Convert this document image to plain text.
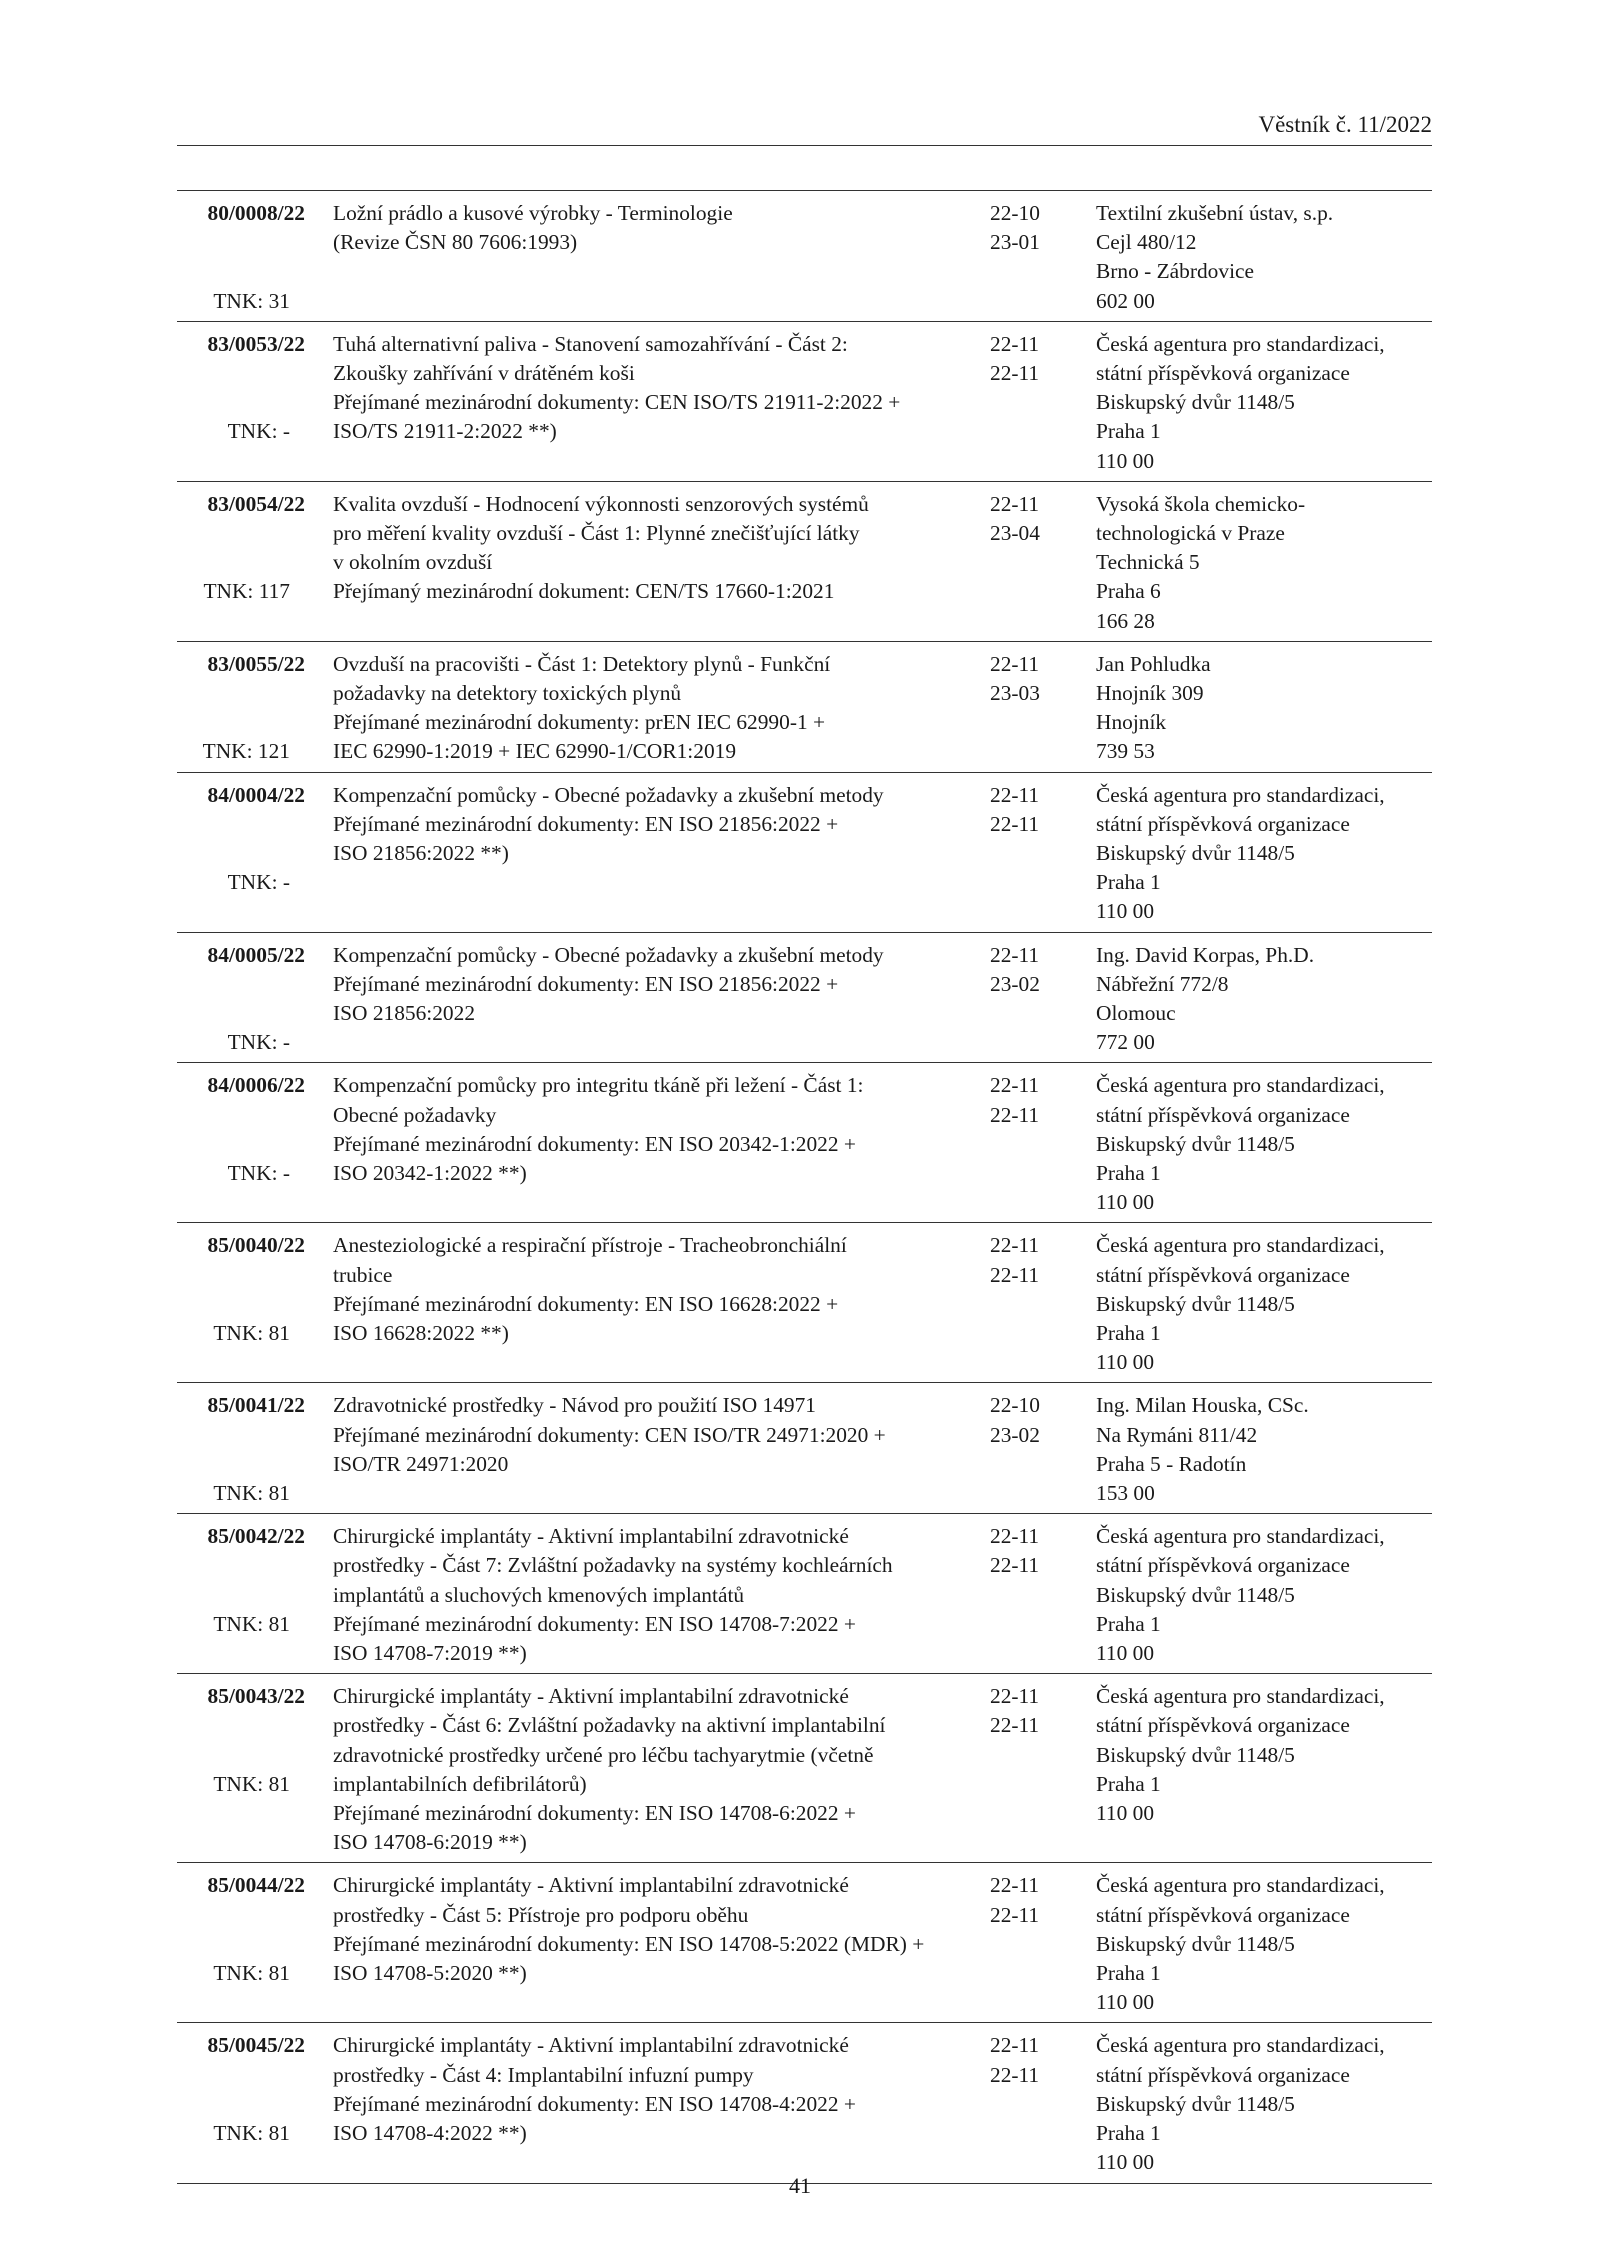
Věstník č. 11/2022
80/0008/22
TNK: 31
Ložní prádlo a kusové výrobky - Terminologie
(Revize ČSN 80 7606:1993)
22-10
23-01
Textilní zkušební ústav, s.p.
Cejl 480/12
Brno - Zábrdovice
602 00
83/0053/22
TNK: -
Tuhá alternativní paliva - Stanovení samozahřívání - Část 2:
Zkoušky zahřívání v drátěném koši
Přejímané mezinárodní dokumenty: CEN ISO/TS 21911-2:2022 +
ISO/TS 21911-2:2022 **)
22-11
22-11
Česká agentura pro standardizaci,
státní příspěvková organizace
Biskupský dvůr 1148/5
Praha 1
110 00
83/0054/22
TNK: 117
Kvalita ovzduší - Hodnocení výkonnosti senzorových systémů
pro měření kvality ovzduší - Část 1: Plynné znečišťující látky
v okolním ovzduší
Přejímaný mezinárodní dokument: CEN/TS 17660-1:2021
22-11
23-04
Vysoká škola chemicko-
technologická v Praze
Technická 5
Praha 6
166 28
83/0055/22
TNK: 121
Ovzduší na pracovišti - Část 1: Detektory plynů - Funkční
požadavky na detektory toxických plynů
Přejímané mezinárodní dokumenty: prEN IEC 62990-1 +
IEC 62990-1:2019 + IEC 62990-1/COR1:2019
22-11
23-03
Jan Pohludka
Hnojník 309
Hnojník
739 53
84/0004/22
TNK: -
Kompenzační pomůcky - Obecné požadavky a zkušební metody
Přejímané mezinárodní dokumenty: EN ISO 21856:2022 +
ISO 21856:2022 **)
22-11
22-11
Česká agentura pro standardizaci,
státní příspěvková organizace
Biskupský dvůr 1148/5
Praha 1
110 00
84/0005/22
TNK: -
Kompenzační pomůcky - Obecné požadavky a zkušební metody
Přejímané mezinárodní dokumenty: EN ISO 21856:2022 +
ISO 21856:2022
22-11
23-02
Ing. David Korpas, Ph.D.
Nábřežní 772/8
Olomouc
772 00
84/0006/22
TNK: -
Kompenzační pomůcky pro integritu tkáně při ležení - Část 1:
Obecné požadavky
Přejímané mezinárodní dokumenty: EN ISO 20342-1:2022 +
ISO 20342-1:2022 **)
22-11
22-11
Česká agentura pro standardizaci,
státní příspěvková organizace
Biskupský dvůr 1148/5
Praha 1
110 00
85/0040/22
TNK: 81
Anesteziologické a respirační přístroje - Tracheobronchiální
trubice
Přejímané mezinárodní dokumenty: EN ISO 16628:2022 +
ISO 16628:2022 **)
22-11
22-11
Česká agentura pro standardizaci,
státní příspěvková organizace
Biskupský dvůr 1148/5
Praha 1
110 00
85/0041/22
TNK: 81
Zdravotnické prostředky - Návod pro použití ISO 14971
Přejímané mezinárodní dokumenty: CEN ISO/TR 24971:2020 +
ISO/TR 24971:2020
22-10
23-02
Ing. Milan Houska, CSc.
Na Rymáni 811/42
Praha 5 - Radotín
153 00
85/0042/22
TNK: 81
Chirurgické implantáty - Aktivní implantabilní zdravotnické
prostředky - Část 7: Zvláštní požadavky na systémy kochleárních
implantátů a sluchových kmenových implantátů
Přejímané mezinárodní dokumenty: EN ISO 14708-7:2022 +
ISO 14708-7:2019 **)
22-11
22-11
Česká agentura pro standardizaci,
státní příspěvková organizace
Biskupský dvůr 1148/5
Praha 1
110 00
85/0043/22
TNK: 81
Chirurgické implantáty - Aktivní implantabilní zdravotnické
prostředky - Část 6: Zvláštní požadavky na aktivní implantabilní
zdravotnické prostředky určené pro léčbu tachyarytmie (včetně
implantabilních defibrilátorů)
Přejímané mezinárodní dokumenty: EN ISO 14708-6:2022 +
ISO 14708-6:2019 **)
22-11
22-11
Česká agentura pro standardizaci,
státní příspěvková organizace
Biskupský dvůr 1148/5
Praha 1
110 00
85/0044/22
TNK: 81
Chirurgické implantáty - Aktivní implantabilní zdravotnické
prostředky - Část 5: Přístroje pro podporu oběhu
Přejímané mezinárodní dokumenty: EN ISO 14708-5:2022 (MDR) +
ISO 14708-5:2020 **)
22-11
22-11
Česká agentura pro standardizaci,
státní příspěvková organizace
Biskupský dvůr 1148/5
Praha 1
110 00
85/0045/22
TNK: 81
Chirurgické implantáty - Aktivní implantabilní zdravotnické
prostředky - Část 4: Implantabilní infuzní pumpy
Přejímané mezinárodní dokumenty: EN ISO 14708-4:2022 +
ISO 14708-4:2022 **)
22-11
22-11
Česká agentura pro standardizaci,
státní příspěvková organizace
Biskupský dvůr 1148/5
Praha 1
110 00
41
